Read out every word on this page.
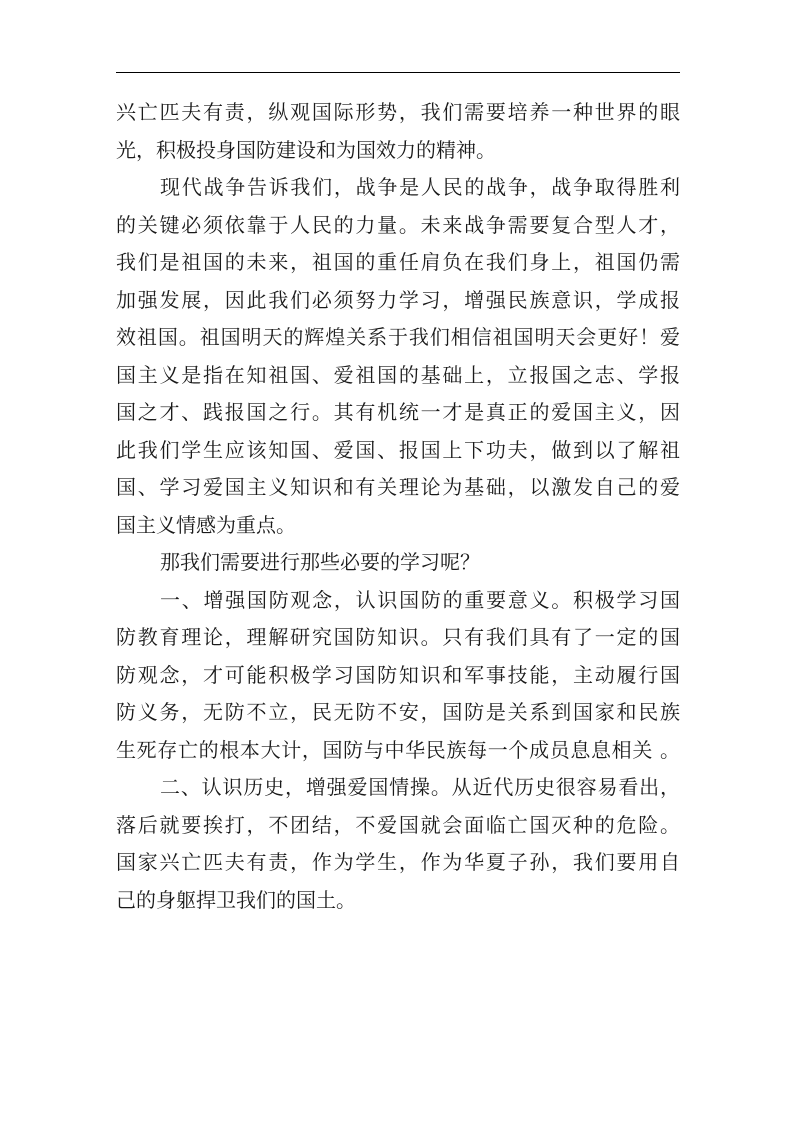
兴亡匹夫有责，纵观国际形势，我们需要培养一种世界的眼
光，积极投身国防建设和为国效力的精神。
现代战争告诉我们，战争是人民的战争，战争取得胜利
的关键必须依靠于人民的力量。未来战争需要复合型人才，
我们是祖国的未来，祖国的重任肩负在我们身上，祖国仍需
加强发展，因此我们必须努力学习，增强民族意识，学成报
效祖国。祖国明天的辉煌关系于我们相信祖国明天会更好！爱
国主义是指在知祖国、爱祖国的基础上，立报国之志、学报
国之才、践报国之行。其有机统一才是真正的爱国主义，因
此我们学生应该知国、爱国、报国上下功夫，做到以了解祖
国、学习爱国主义知识和有关理论为基础，以激发自己的爱
国主义情感为重点。
那我们需要进行那些必要的学习呢？
一、增强国防观念，认识国防的重要意义。积极学习国
防教育理论，理解研究国防知识。只有我们具有了一定的国
防观念，才可能积极学习国防知识和军事技能，主动履行国
防义务，无防不立，民无防不安，国防是关系到国家和民族
生死存亡的根本大计，国防与中华民族每一个成员息息相关 。
二、认识历史，增强爱国情操。从近代历史很容易看出，
落后就要挨打，不团结，不爱国就会面临亡国灭种的危险。
国家兴亡匹夫有责，作为学生，作为华夏子孙，我们要用自
己的身躯捍卫我们的国土。
